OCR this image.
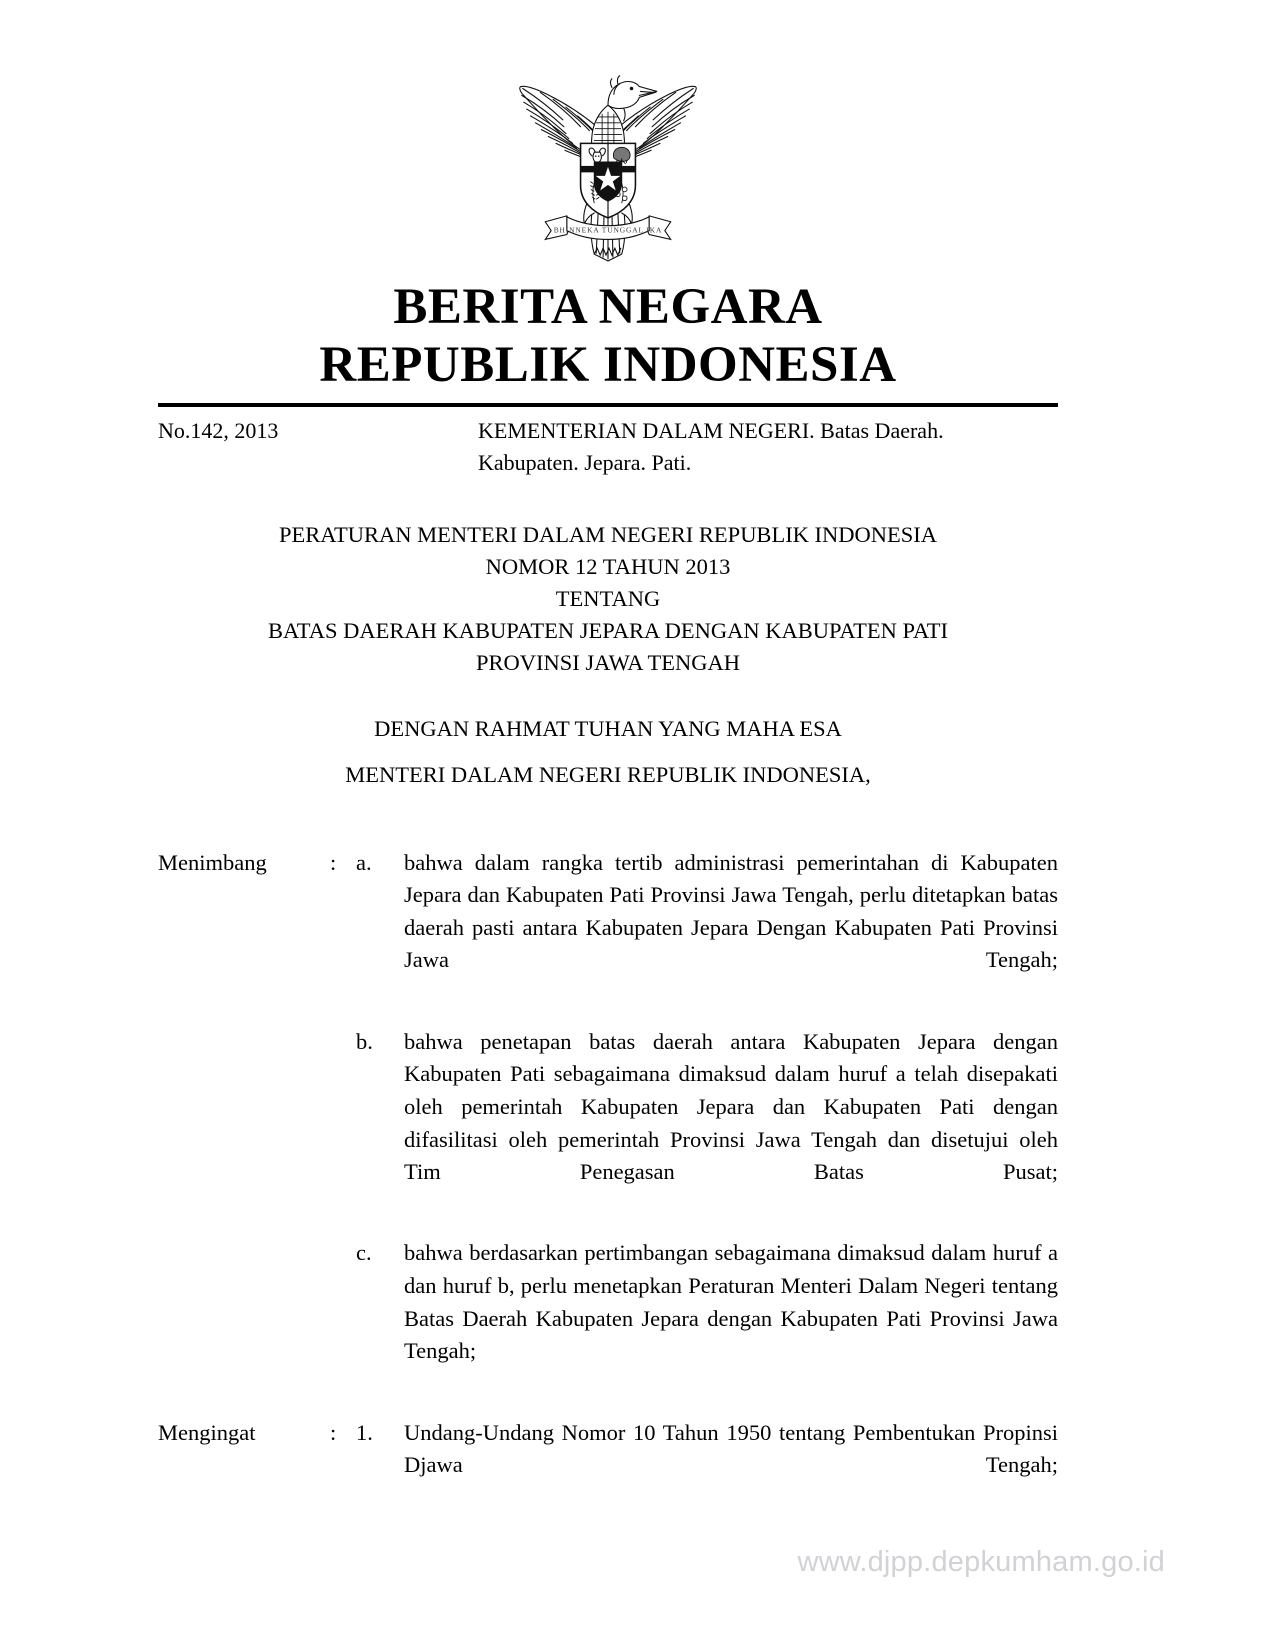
BHINNEKA TUNGGAL IKA
BERITA NEGARA
REPUBLIK INDONESIA
No.142, 2013	KEMENTERIAN DALAM NEGERI. Batas Daerah.
Kabupaten. Jepara. Pati.
PERATURAN MENTERI DALAM NEGERI REPUBLIK INDONESIA
NOMOR 12 TAHUN 2013
TENTANG
BATAS DAERAH KABUPATEN JEPARA DENGAN KABUPATEN PATI
PROVINSI JAWA TENGAH
DENGAN RAHMAT TUHAN YANG MAHA ESA
MENTERI DALAM NEGERI REPUBLIK INDONESIA,
Menimbang	: a.	bahwa dalam rangka tertib administrasi pemerintahan di Kabupaten Jepara dan Kabupaten Pati Provinsi Jawa Tengah, perlu ditetapkan batas daerah pasti antara Kabupaten Jepara Dengan Kabupaten Pati Provinsi Jawa Tengah;
b.	bahwa penetapan batas daerah antara Kabupaten Jepara dengan Kabupaten Pati sebagaimana dimaksud dalam huruf a telah disepakati oleh pemerintah Kabupaten Jepara dan Kabupaten Pati dengan difasilitasi oleh pemerintah Provinsi Jawa Tengah dan disetujui oleh Tim Penegasan Batas Pusat;
c.	bahwa berdasarkan pertimbangan sebagaimana dimaksud dalam huruf a dan huruf b, perlu menetapkan Peraturan Menteri Dalam Negeri tentang Batas Daerah Kabupaten Jepara dengan Kabupaten Pati Provinsi Jawa Tengah;
Mengingat	: 1.	Undang-Undang Nomor 10 Tahun 1950 tentang Pembentukan Propinsi Djawa Tengah;
www.djpp.depkumham.go.id
